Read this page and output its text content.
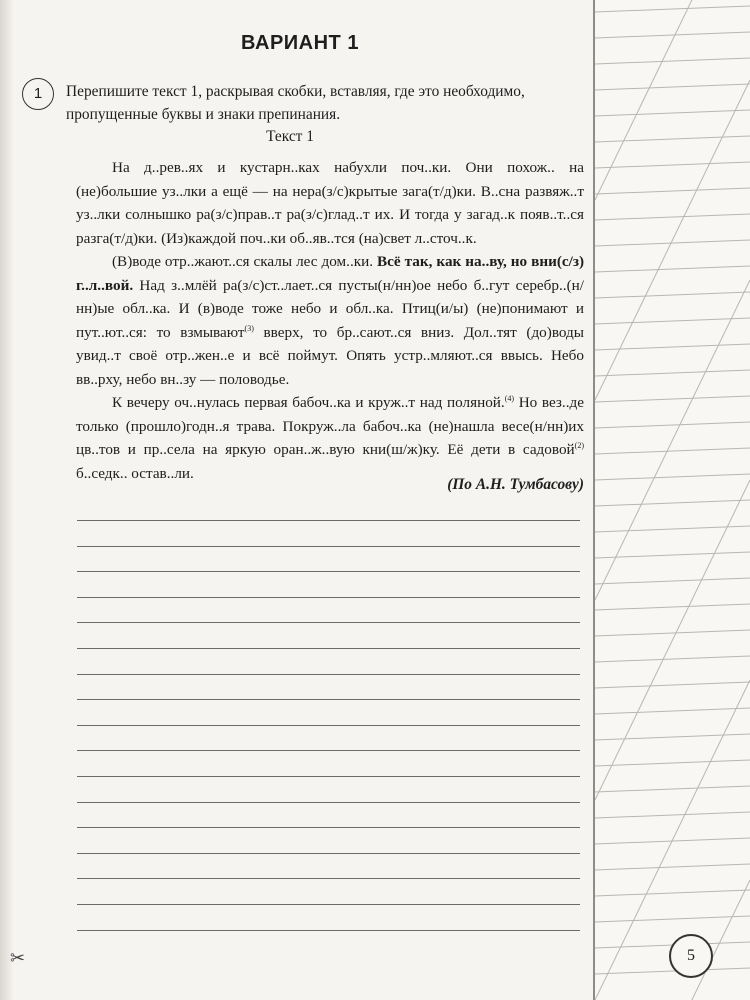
ВАРИАНТ 1
1	Перепишите текст 1, раскрывая скобки, вставляя, где это необходимо, пропущенные буквы и знаки препинания.
Текст 1

На д..рев..ях и кустарн..ках набухли поч..ки. Они похож.. на (не)большие уз..лки а ещё — на нера(з/с)крытые зага(т/д)ки. В..сна развяж..т уз..лки солнышко ра(з/с)прав..т ра(з/с)глад..т их. И тогда у загад..к появ..т..ся разга(т/д)ки. (Из)каждой поч..ки об..яв..тся (на)свет л..сточ..к.

(В)воде отр..жают..ся скалы лес дом..ки. Всё так, как на..ву, но вни(с/з) г..л..вой. Над з..млёй ра(з/с)ст..лает..ся пусты(н/нн)ое небо б..гут серебр..(н/нн)ые обл..ка. И (в)воде тоже небо и обл..ка. Птиц(и/ы) (не)понимают и пут..ют..ся: то взмывают$^{(3)}$ вверх, то бр..сают..ся вниз. Дол..тят (до)воды увид..т своё отр..жен..е и всё поймут. Опять устр..мляют..ся ввысь. Небо вв..рху, небо вн..зу — половодье.

К вечеру оч..нулась первая бабоч..ка и круж..т над поляной.$^{(4)}$ Но вез..де только (прошло)годн..я трава. Покруж..ла бабоч..ка (не)нашла весе(н/нн)их цв..тов и пр..села на яркую оран..ж..вую кни(ш/ж)ку. Её дети в садовой$^{(2)}$ б..седк.. остав..ли.

(По А.Н. Тумбасову)
✂	5
